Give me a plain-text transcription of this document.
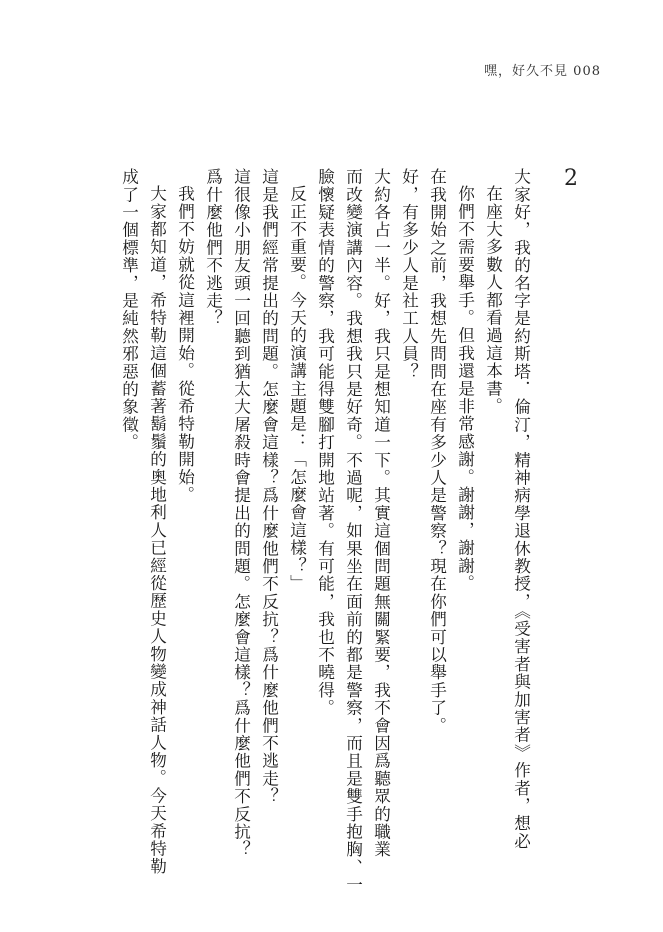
嘿，好久不見 008
2
大家好，我的名字是約斯塔．倫汀，精神病學退休教授，《受害者與加害者》作者，想必
在座大多數人都看過這本書。
你們不需要舉手。但我還是非常感謝。謝謝，謝謝。
在我開始之前，我想先問問在座有多少人是警察？現在你們可以舉手了。
好，有多少人是社工人員？
大約各占一半。好，我只是想知道一下。其實這個問題無關緊要，我不會因爲聽眾的職業
而改變演講內容。我想我只是好奇。不過呢，如果坐在面前的都是警察，而且是雙手抱胸、一
臉懷疑表情的警察，我可能得雙腳打開地站著。有可能，我也不曉得。
反正不重要。今天的演講主題是：「怎麼會這樣？」
這是我們經常提出的問題。怎麼會這樣？爲什麼他們不反抗？爲什麼他們不逃走？
這很像小朋友頭一回聽到猶太大屠殺時會提出的問題。怎麼會這樣？爲什麼他們不反抗？
爲什麼他們不逃走？
我們不妨就從這裡開始。從希特勒開始。
大家都知道，希特勒這個蓄著鬍鬚的奧地利人已經從歷史人物變成神話人物。今天希特勒
成了一個標準，是純然邪惡的象徵。
